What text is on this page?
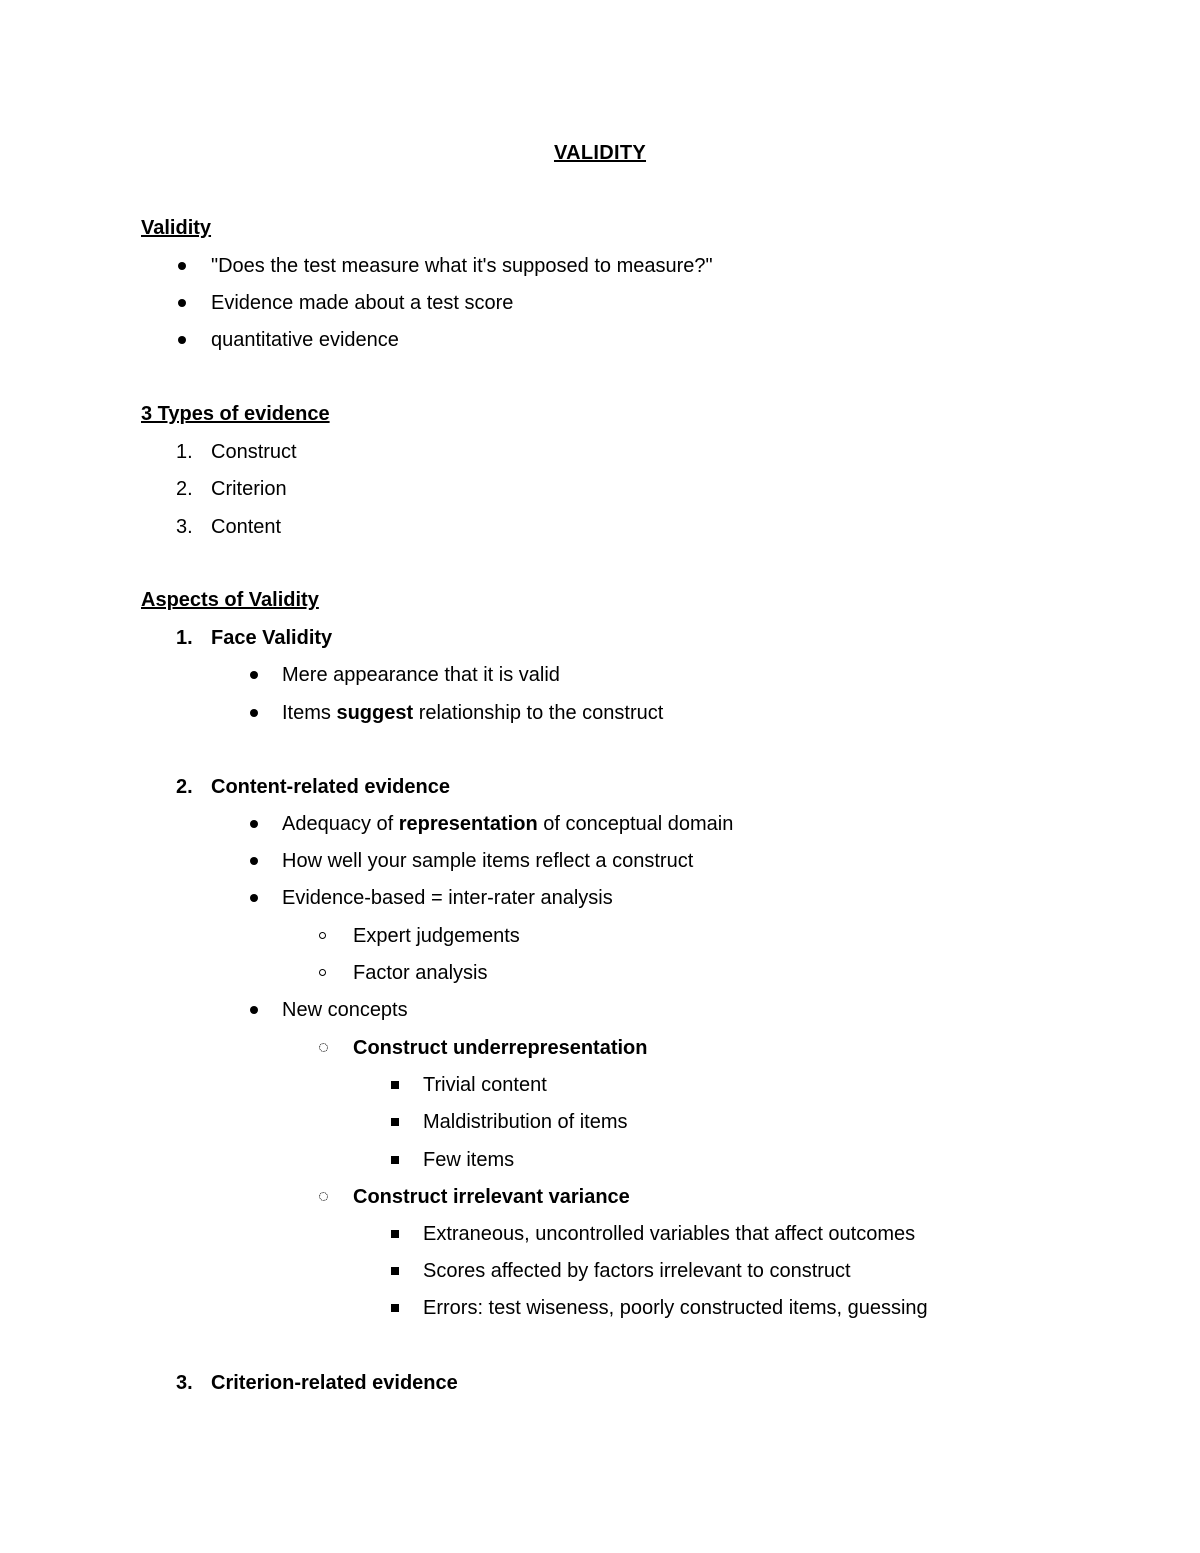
VALIDITY
Validity
"Does the test measure what it's supposed to measure?"
Evidence made about a test score
quantitative evidence
3 Types of evidence
1. Construct
2. Criterion
3. Content
Aspects of Validity
1. Face Validity
Mere appearance that it is valid
Items suggest relationship to the construct
2. Content-related evidence
Adequacy of representation of conceptual domain
How well your sample items reflect a construct
Evidence-based = inter-rater analysis
Expert judgements
Factor analysis
New concepts
Construct underrepresentation
Trivial content
Maldistribution of items
Few items
Construct irrelevant variance
Extraneous, uncontrolled variables that affect outcomes
Scores affected by factors irrelevant to construct
Errors: test wiseness, poorly constructed items, guessing
3. Criterion-related evidence
